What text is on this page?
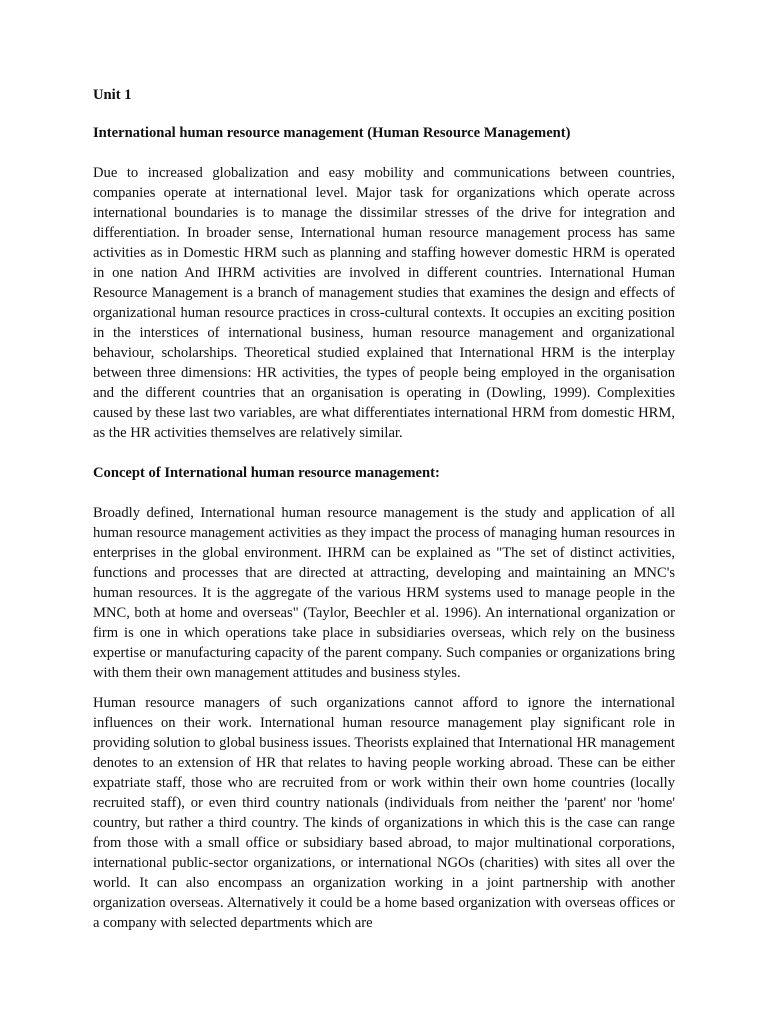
Unit 1

International human resource management (Human Resource Management)

Due to increased globalization and easy mobility and communications between countries, companies operate at international level. Major task for organizations which operate across international boundaries is to manage the dissimilar stresses of the drive for integration and differentiation. In broader sense, International human resource management process has same activities as in Domestic HRM such as planning and staffing however domestic HRM is operated in one nation And IHRM activities are involved in different countries. International Human Resource Management is a branch of management studies that examines the design and effects of organizational human resource practices in cross-cultural contexts. It occupies an exciting position in the interstices of international business, human resource management and organizational behaviour, scholarships. Theoretical studied explained that International HRM is the interplay between three dimensions: HR activities, the types of people being employed in the organisation and the different countries that an organisation is operating in (Dowling, 1999). Complexities caused by these last two variables, are what differentiates international HRM from domestic HRM, as the HR activities themselves are relatively similar.

Concept of International human resource management:

Broadly defined, International human resource management is the study and application of all human resource management activities as they impact the process of managing human resources in enterprises in the global environment. IHRM can be explained as "The set of distinct activities, functions and processes that are directed at attracting, developing and maintaining an MNC's human resources. It is the aggregate of the various HRM systems used to manage people in the MNC, both at home and overseas" (Taylor, Beechler et al. 1996). An international organization or firm is one in which operations take place in subsidiaries overseas, which rely on the business expertise or manufacturing capacity of the parent company. Such companies or organizations bring with them their own management attitudes and business styles.

Human resource managers of such organizations cannot afford to ignore the international influences on their work. International human resource management play significant role in providing solution to global business issues. Theorists explained that International HR management denotes to an extension of HR that relates to having people working abroad. These can be either expatriate staff, those who are recruited from or work within their own home countries (locally recruited staff), or even third country nationals (individuals from neither the 'parent' nor 'home' country, but rather a third country. The kinds of organizations in which this is the case can range from those with a small office or subsidiary based abroad, to major multinational corporations, international public-sector organizations, or international NGOs (charities) with sites all over the world. It can also encompass an organization working in a joint partnership with another organization overseas. Alternatively it could be a home based organization with overseas offices or a company with selected departments which are
